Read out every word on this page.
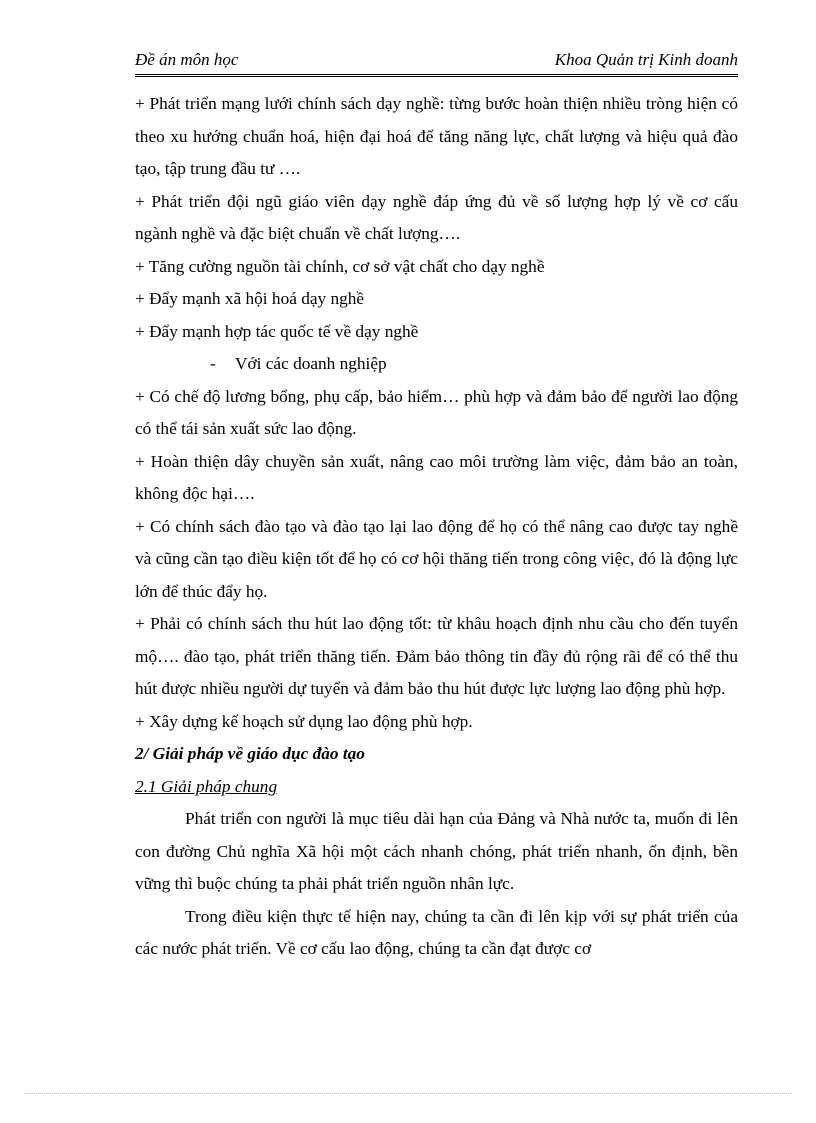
Đề án môn học	Khoa Quản trị Kinh doanh

+ Phát triển mạng lưới chính sách dạy nghề: từng bước hoàn thiện nhiều tròng hiện có theo xu hướng chuẩn hoá, hiện đại hoá để tăng năng lực, chất lượng và hiệu quả đào tạo, tập trung đầu tư ….

+ Phát triển đội ngũ giáo viên dạy nghề đáp ứng đủ về số lượng hợp lý về cơ cấu ngành nghề và đặc biệt chuẩn về chất lượng….

+ Tăng cường nguồn tài chính, cơ sở vật chất cho dạy nghề

+ Đẩy mạnh xã hội hoá dạy nghề

+ Đẩy mạnh hợp tác quốc tế về dạy nghề

- Với các doanh nghiệp

+ Có chế độ lương bổng, phụ cấp, bảo hiểm… phù hợp và đảm bảo để người lao động có thể tái sản xuất sức lao động.

+ Hoàn thiện dây chuyền sản xuất, nâng cao môi trường làm việc, đảm bảo an toàn, không độc hại….

+ Có chính sách đào tạo và đào tạo lại lao động để họ có thể nâng cao được tay nghề và cũng cần tạo điều kiện tốt để họ có cơ hội thăng tiến trong công việc, đó là động lực lớn để thúc đẩy họ.

+ Phải có chính sách thu hút lao động tốt: từ khâu hoạch định nhu cầu cho đến tuyển mộ…. đào tạo, phát triển thăng tiến. Đảm bảo thông tin đầy đủ rộng rãi để có thể thu hút được nhiều người dự tuyển và đảm bảo thu hút được lực lượng lao động phù hợp.

+ Xây dựng kế hoạch sử dụng lao động phù hợp.

2/ Giải pháp về giáo dục đào tạo

2.1 Giải pháp chung

Phát triển con người là mục tiêu dài hạn của Đảng và Nhà nước ta, muốn đi lên con đường Chủ nghĩa Xã hội một cách nhanh chóng, phát triển nhanh, ổn định, bền vững thì buộc chúng ta phải phát triển nguồn nhân lực.

Trong điều kiện thực tế hiện nay, chúng ta cần đi lên kịp với sự phát triển của các nước phát triển. Về cơ cấu lao động, chúng ta cần đạt được cơ
